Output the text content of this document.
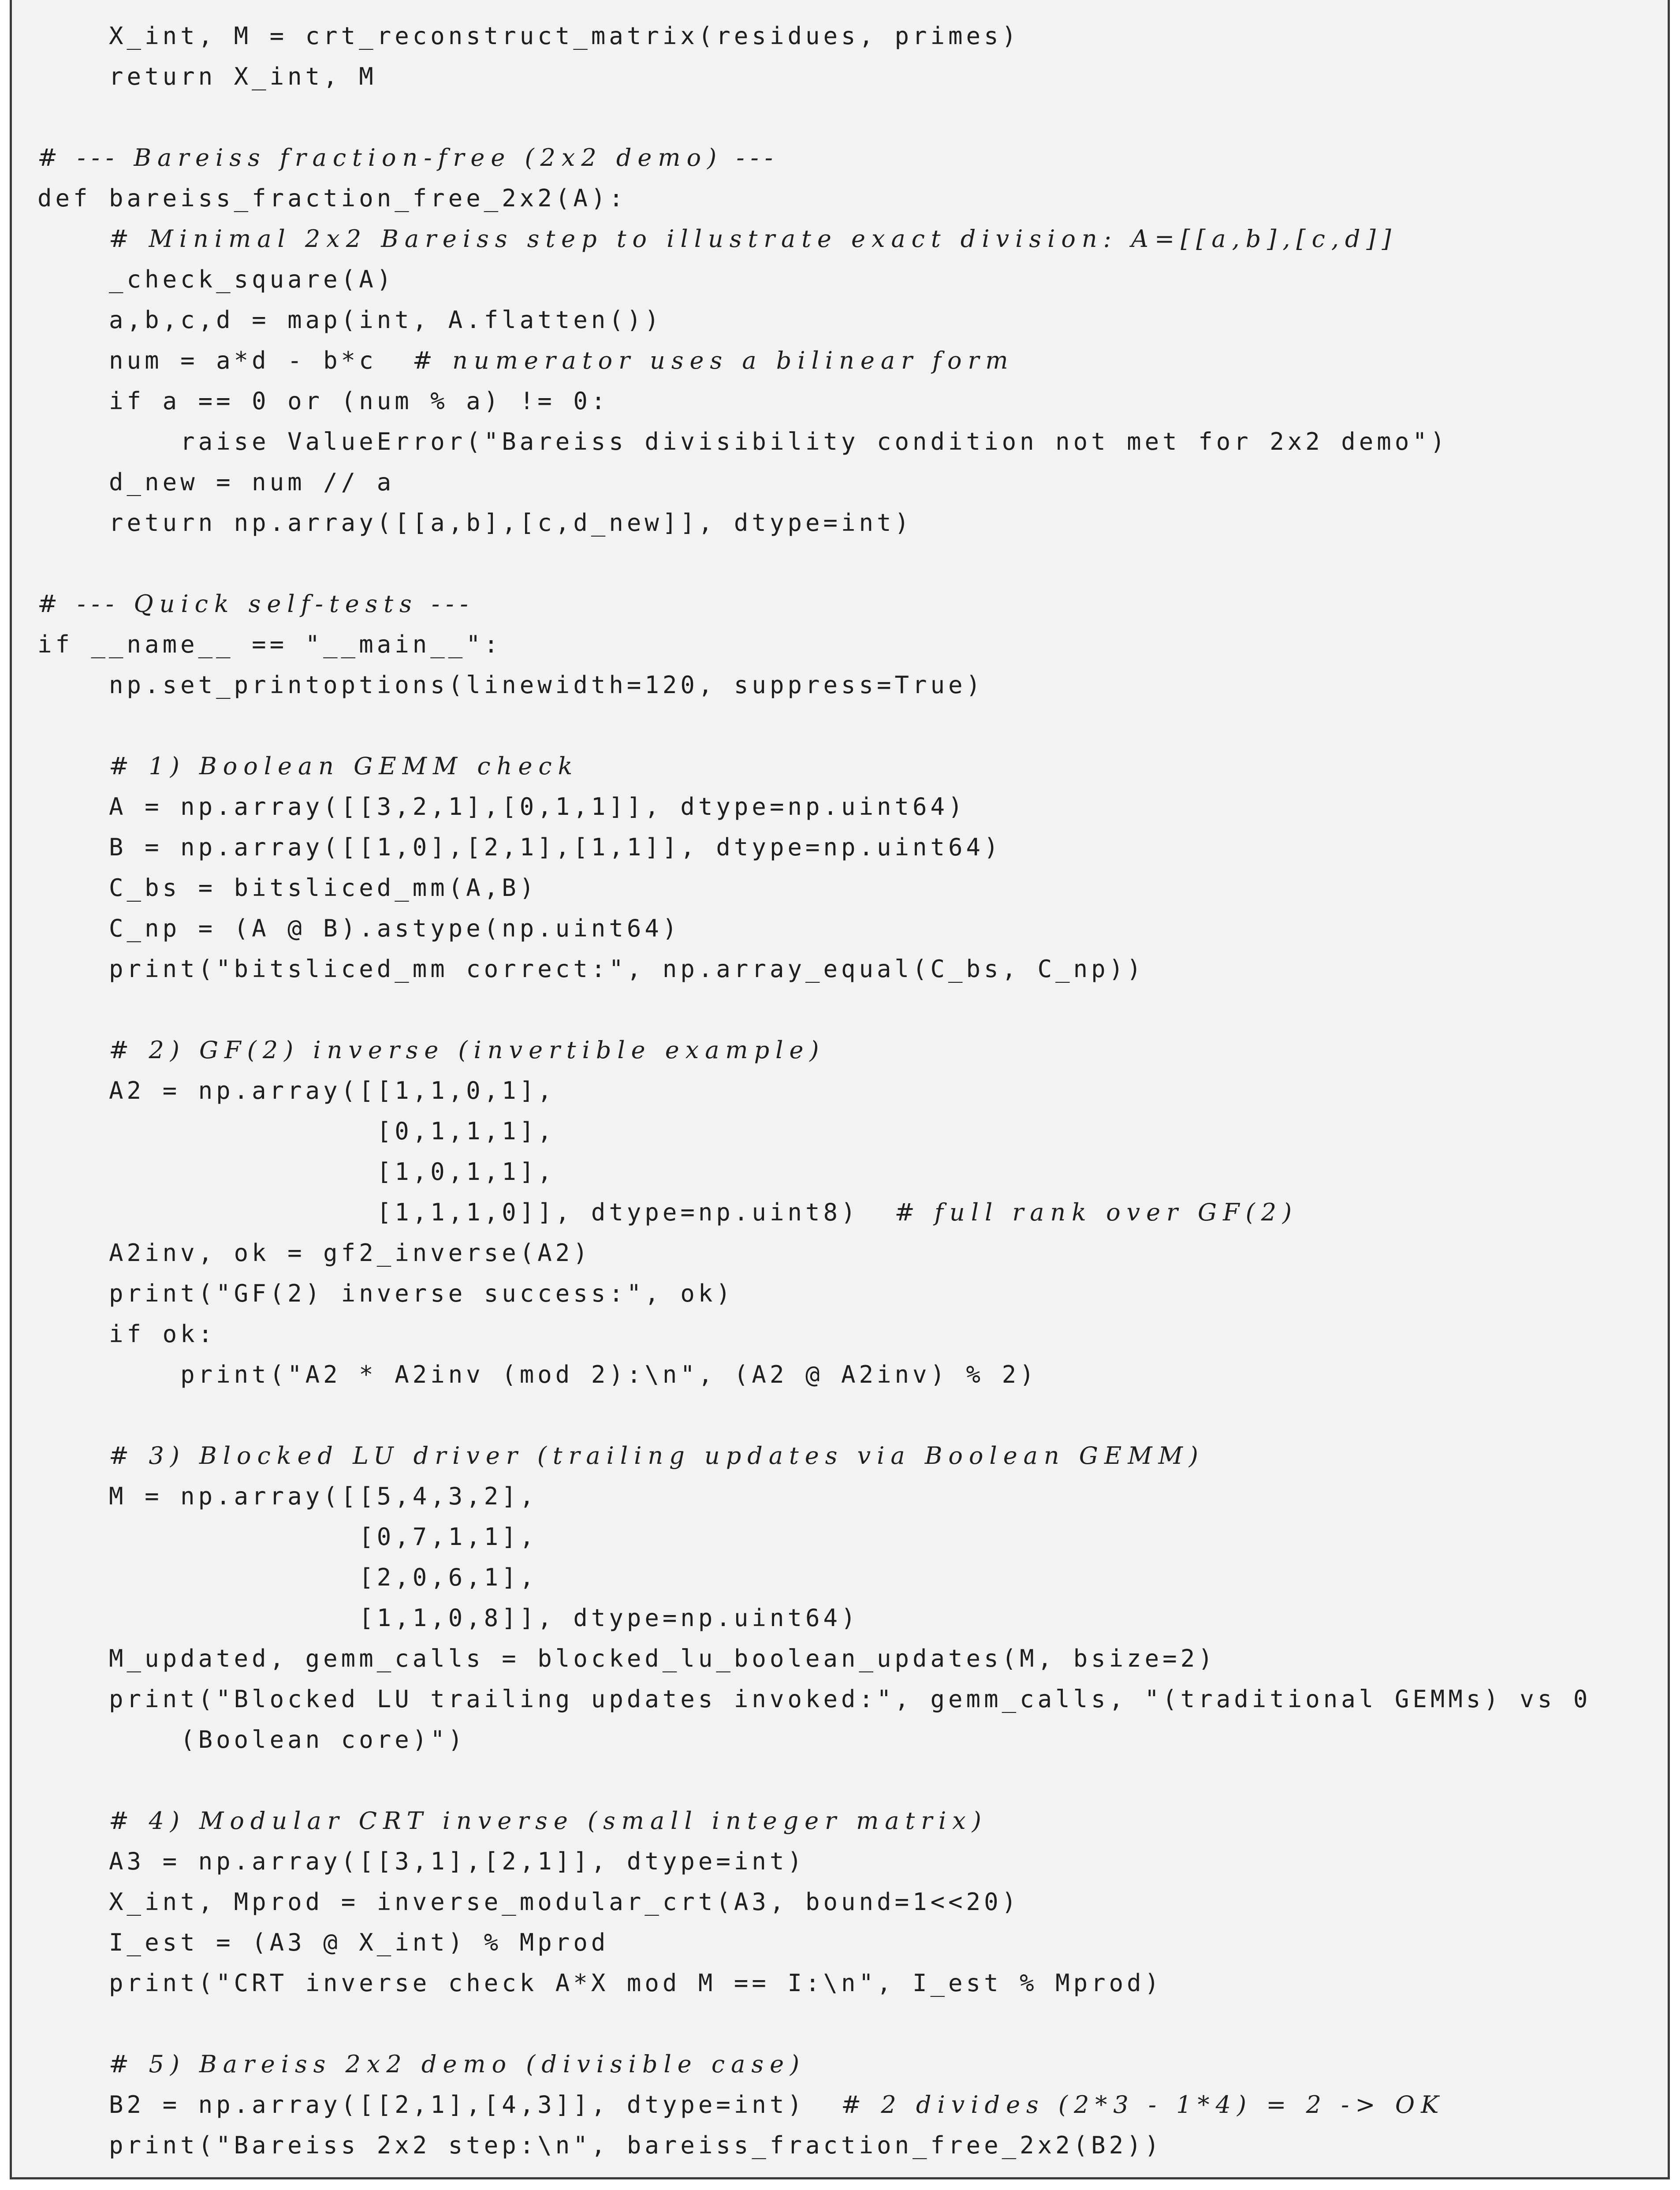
X_int, M = crt_reconstruct_matrix(residues, primes)
return X_int, M
# --- Bareiss fraction-free (2x2 demo) ---
def bareiss_fraction_free_2x2(A):
# Minimal 2x2 Bareiss step to illustrate exact division: A=[[a,b],[c,d]]
_check_square(A)
a,b,c,d = map(int, A.flatten())
num = a*d - b*c  # numerator uses a bilinear form
if a == 0 or (num % a) != 0:
raise ValueError("Bareiss divisibility condition not met for 2x2 demo")
d_new = num // a
return np.array([[a,b],[c,d_new]], dtype=int)
# --- Quick self-tests ---
if __name__ == "__main__":
np.set_printoptions(linewidth=120, suppress=True)
# 1) Boolean GEMM check
A = np.array([[3,2,1],[0,1,1]], dtype=np.uint64)
B = np.array([[1,0],[2,1],[1,1]], dtype=np.uint64)
C_bs = bitsliced_mm(A,B)
C_np = (A @ B).astype(np.uint64)
print("bitsliced_mm correct:", np.array_equal(C_bs, C_np))
# 2) GF(2) inverse (invertible example)
A2 = np.array([[1,1,0,1],
[0,1,1,1],
[1,0,1,1],
[1,1,1,0]], dtype=np.uint8)  # full rank over GF(2)
A2inv, ok = gf2_inverse(A2)
print("GF(2) inverse success:", ok)
if ok:
print("A2 * A2inv (mod 2):\n", (A2 @ A2inv) % 2)
# 3) Blocked LU driver (trailing updates via Boolean GEMM)
M = np.array([[5,4,3,2],
[0,7,1,1],
[2,0,6,1],
[1,1,0,8]], dtype=np.uint64)
M_updated, gemm_calls = blocked_lu_boolean_updates(M, bsize=2)
print("Blocked LU trailing updates invoked:", gemm_calls, "(traditional GEMMs) vs 0
(Boolean core)")
# 4) Modular CRT inverse (small integer matrix)
A3 = np.array([[3,1],[2,1]], dtype=int)
X_int, Mprod = inverse_modular_crt(A3, bound=1<<20)
I_est = (A3 @ X_int) % Mprod
print("CRT inverse check A*X mod M == I:\n", I_est % Mprod)
# 5) Bareiss 2x2 demo (divisible case)
B2 = np.array([[2,1],[4,3]], dtype=int)  # 2 divides (2*3 - 1*4) = 2 -> OK
print("Bareiss 2x2 step:\n", bareiss_fraction_free_2x2(B2))
